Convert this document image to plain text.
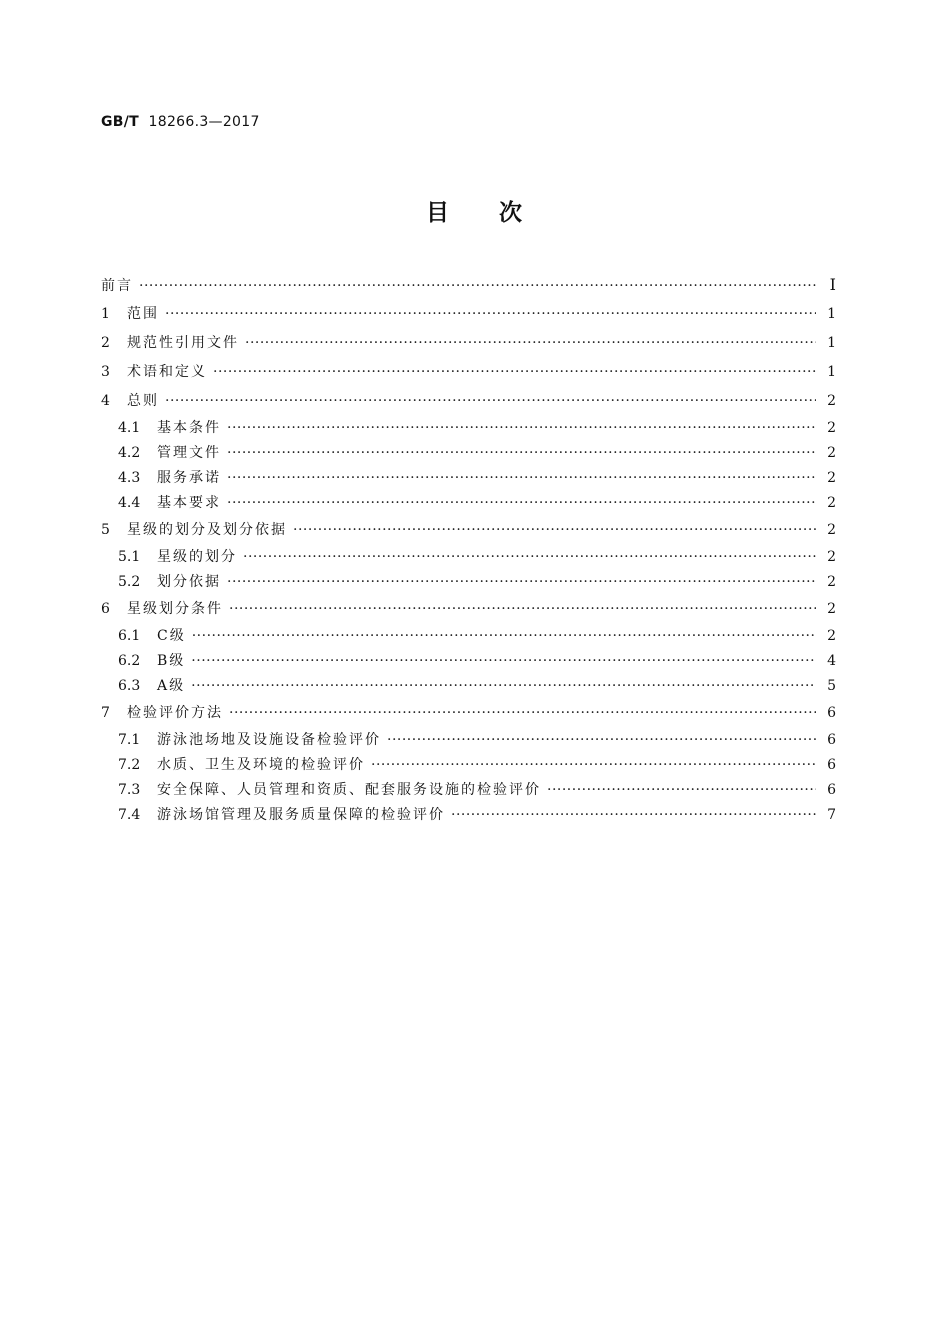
GB/T 18266.3—2017
目 次
前言 ·····	I
1	范围 ·····	1
2	规范性引用文件 ·····	1
3	术语和定义 ·····	1
4	总则 ·····	2
4.1	基本条件 ·····	2
4.2	管理文件 ·····	2
4.3	服务承诺 ·····	2
4.4	基本要求 ·····	2
5	星级的划分及划分依据 ·····	2
5.1	星级的划分 ·····	2
5.2	划分依据 ·····	2
6	星级划分条件 ·····	2
6.1	C级 ·····	2
6.2	B级 ·····	4
6.3	A级 ·····	5
7	检验评价方法 ·····	6
7.1	游泳池场地及设施设备检验评价 ·····	6
7.2	水质、卫生及环境的检验评价 ·····	6
7.3	安全保障、人员管理和资质、配套服务设施的检验评价 ·····	6
7.4	游泳场馆管理及服务质量保障的检验评价 ·····	7
